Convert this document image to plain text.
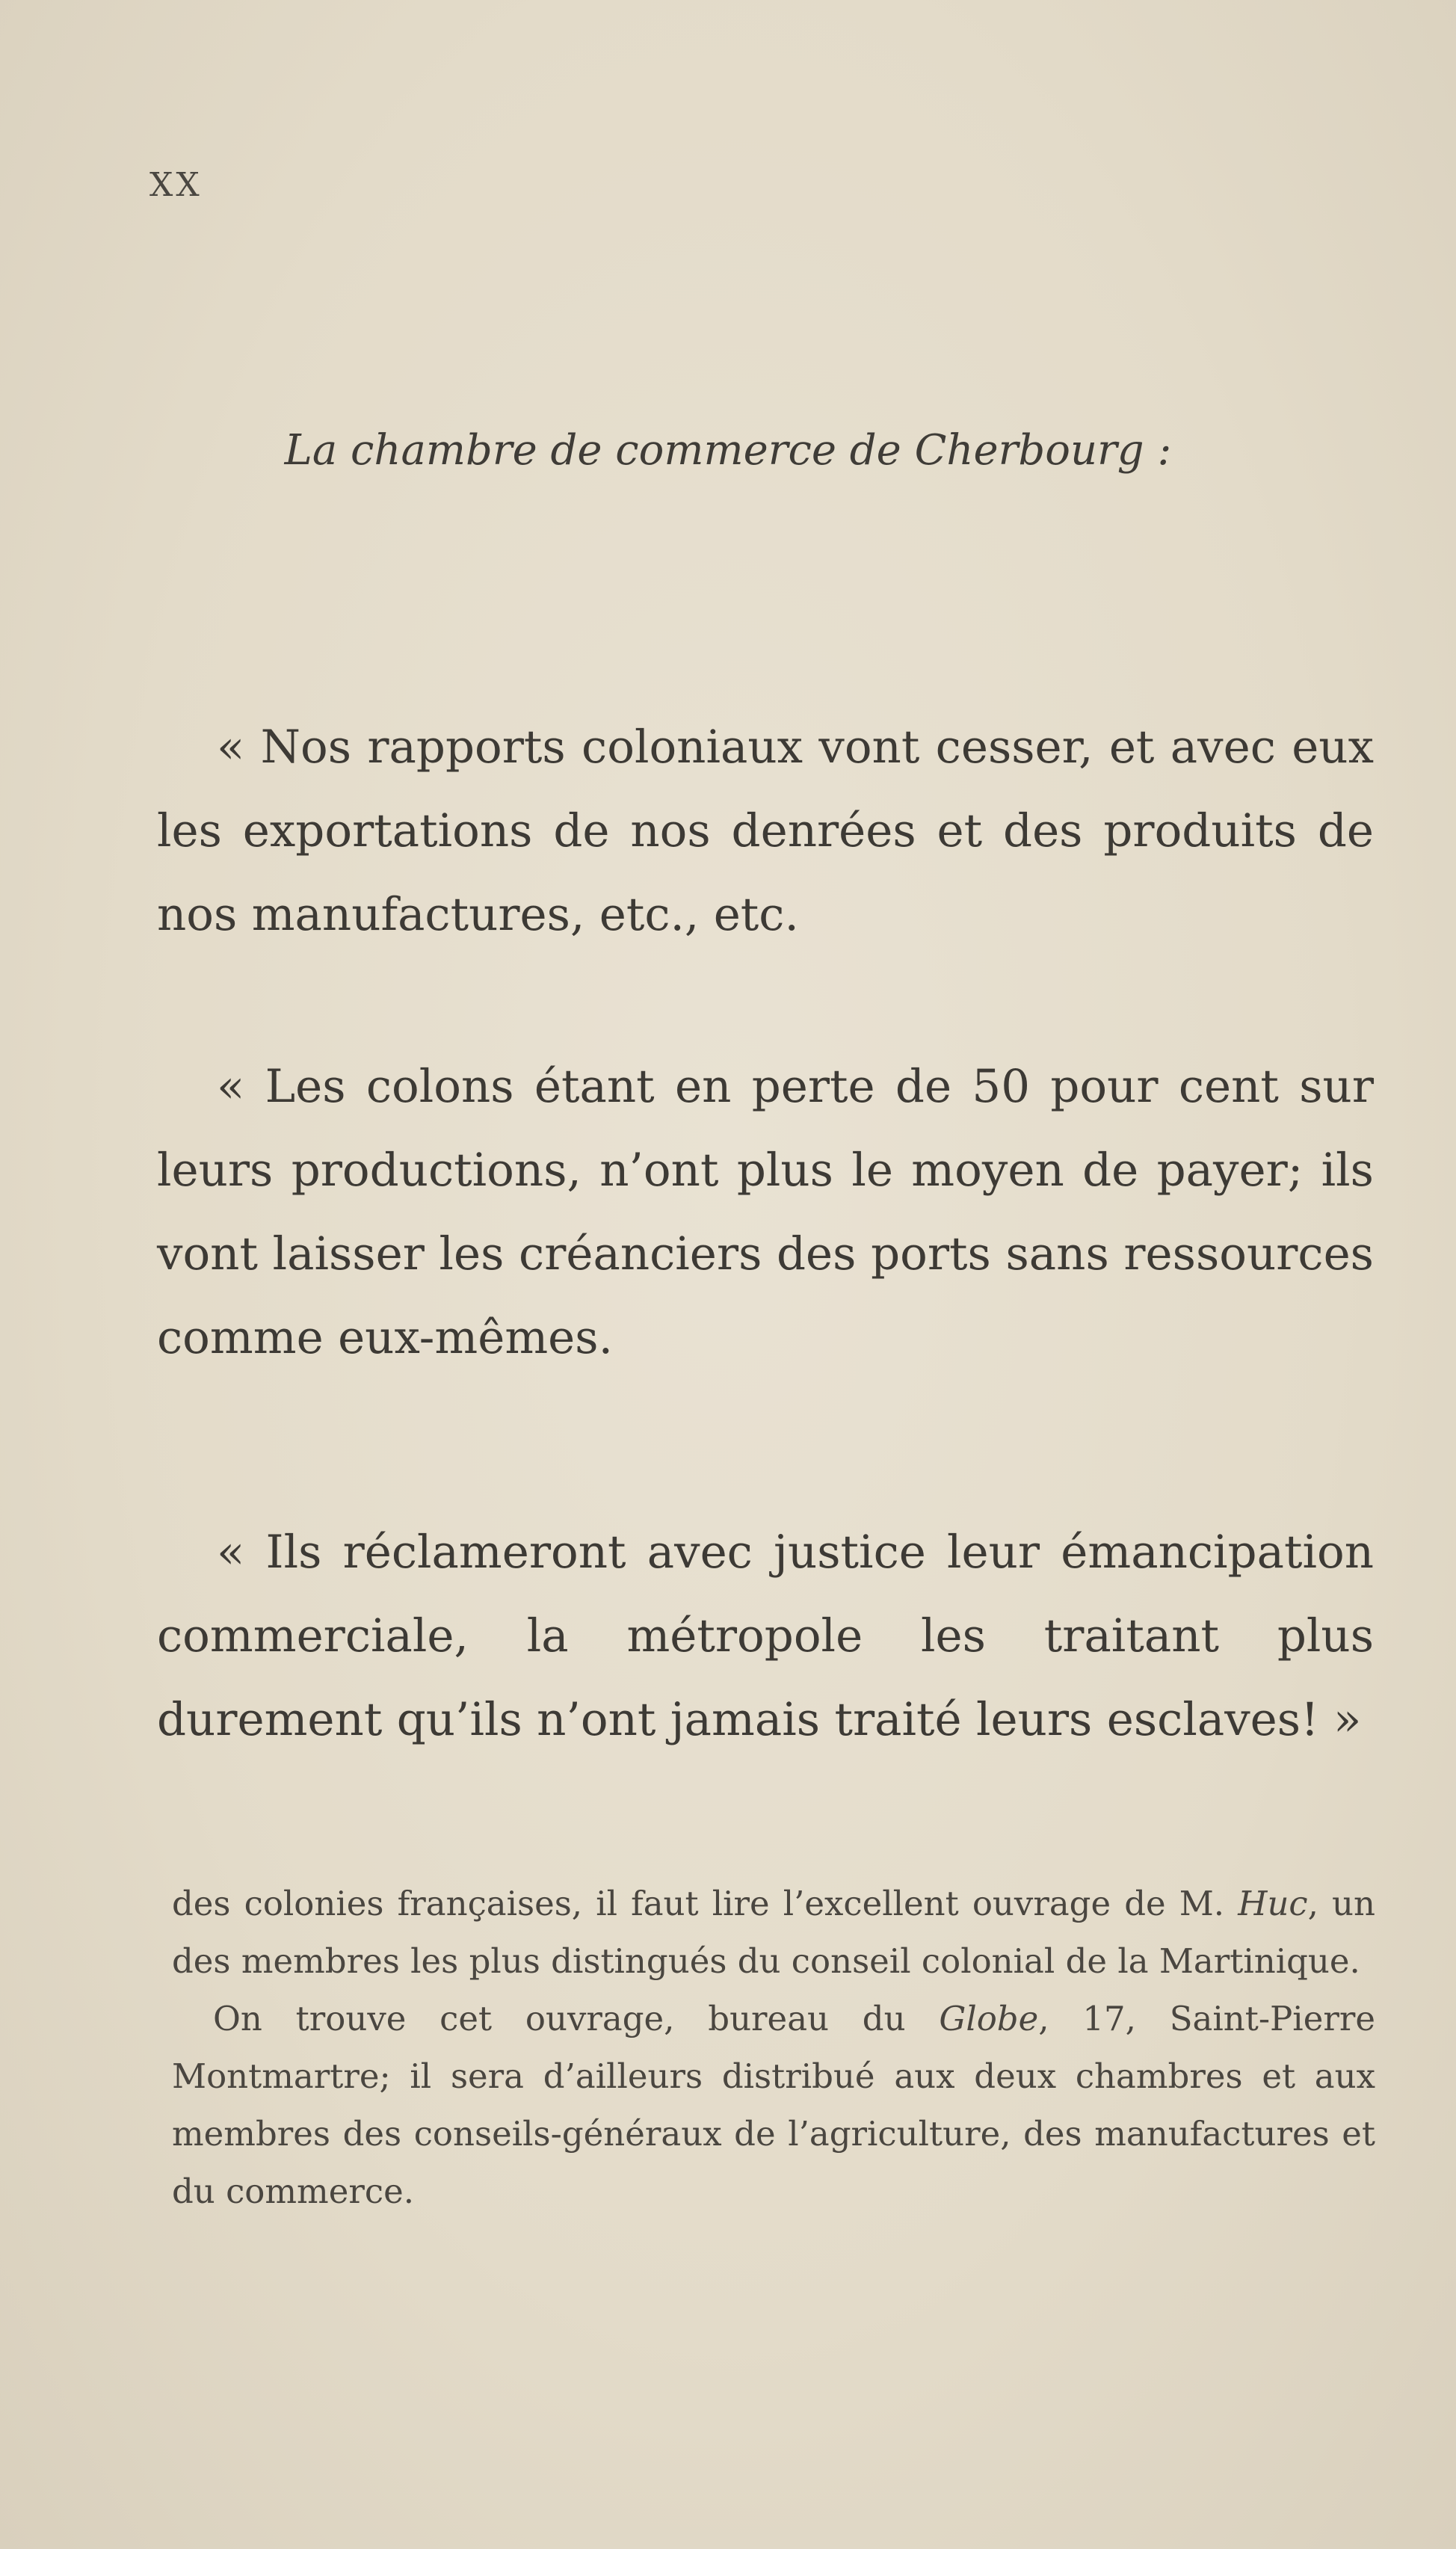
XX
La chambre de commerce de Cherbourg :

« Nos rapports coloniaux vont cesser, et avec eux les exportations de nos denrées et des produits de nos manufactures, etc., etc.

« Les colons étant en perte de 50 pour cent sur leurs productions, n’ont plus le moyen de payer; ils vont laisser les créanciers des ports sans ressources comme eux-mêmes.

« Ils réclameront avec justice leur émancipation commerciale, la métropole les traitant plus durement qu’ils n’ont jamais traité leurs esclaves! »

des colonies françaises, il faut lire l’excellent ouvrage de M. Huc, un des membres les plus distingués du conseil colonial de la Martinique.

On trouve cet ouvrage, bureau du Globe, 17, Saint-Pierre Montmartre; il sera d’ailleurs distribué aux deux chambres et aux membres des conseils-généraux de l’agriculture, des manufactures et du commerce.
